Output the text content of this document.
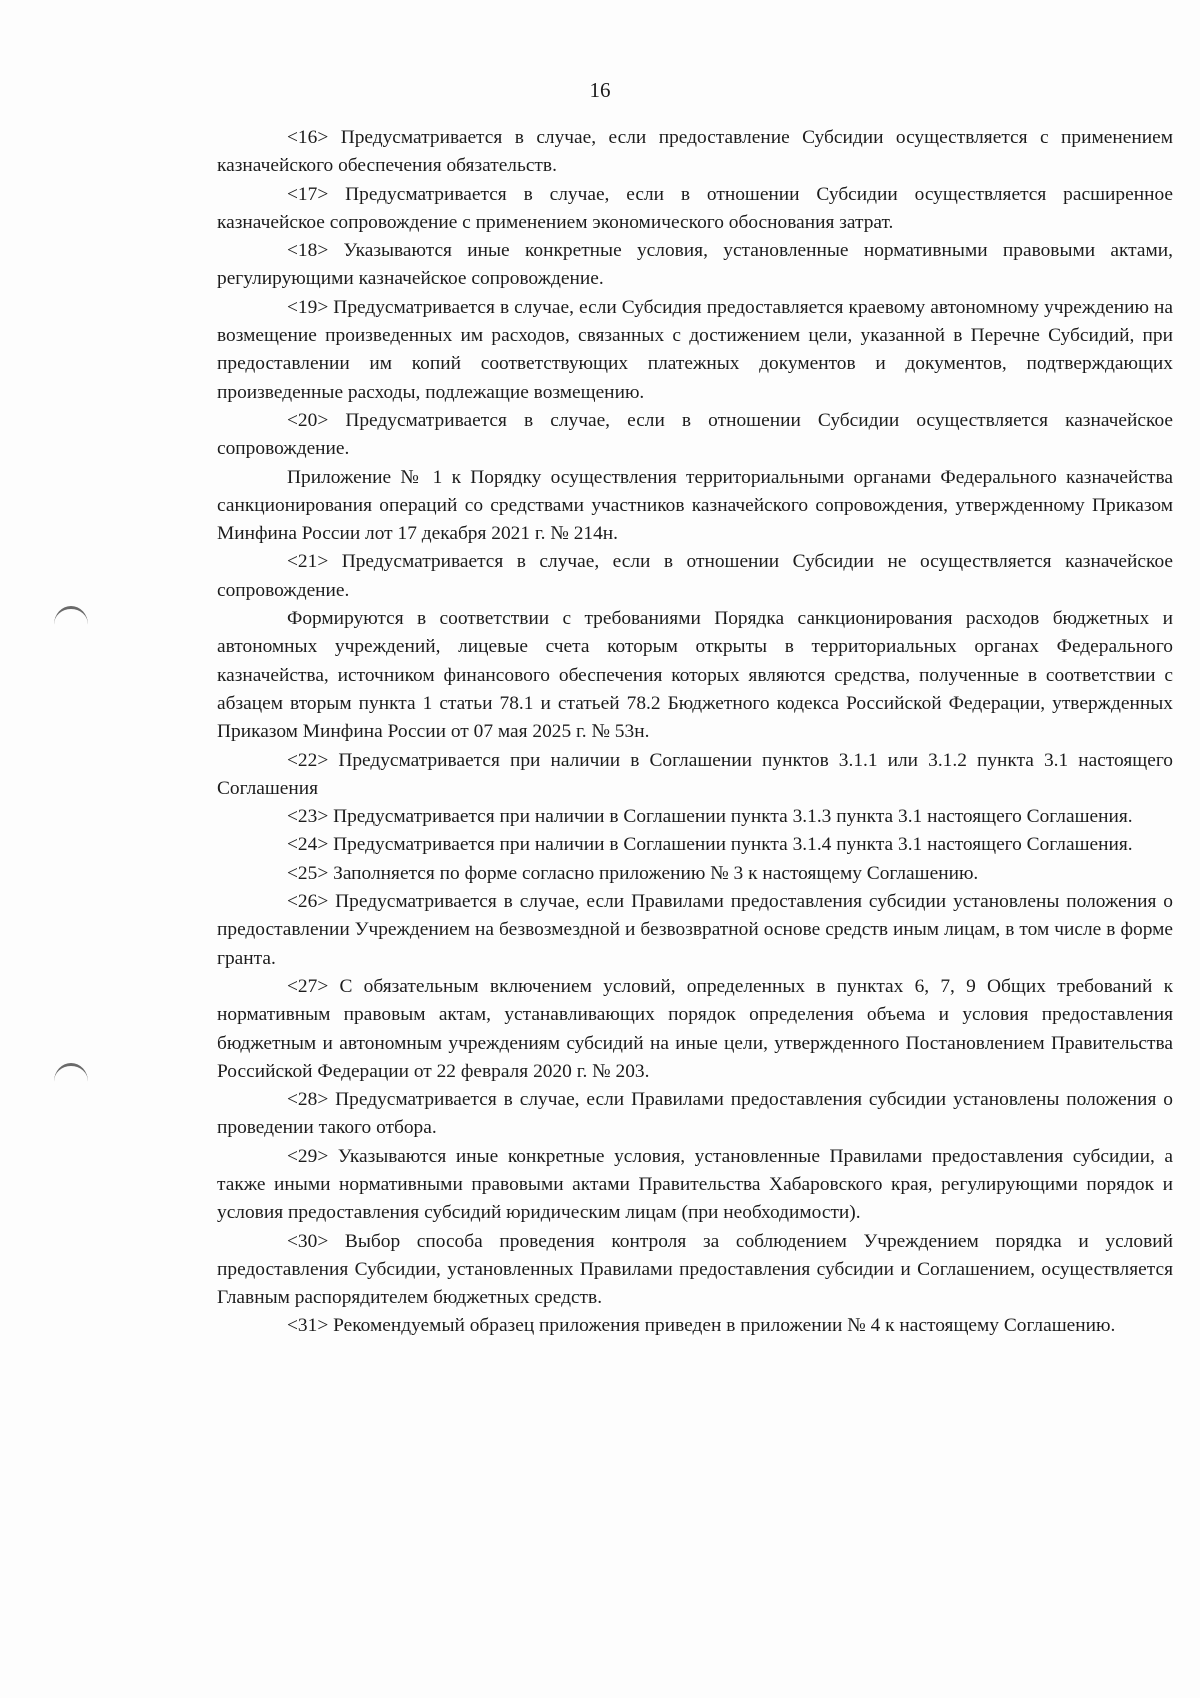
16

<16> Предусматривается в случае, если предоставление Субсидии осуществляется с применением казначейского обеспечения обязательств.

<17> Предусматривается в случае, если в отношении Субсидии осуществляется расширенное казначейское сопровождение с применением экономического обоснования затрат.

<18> Указываются иные конкретные условия, установленные нормативными правовыми актами, регулирующими казначейское сопровождение.

<19> Предусматривается в случае, если Субсидия предоставляется краевому автономному учреждению на возмещение произведенных им расходов, связанных с достижением цели, указанной в Перечне Субсидий, при предоставлении им копий соответствующих платежных документов и документов, подтверждающих произведенные расходы, подлежащие возмещению.

<20> Предусматривается в случае, если в отношении Субсидии осуществляется казначейское сопровождение.

Приложение № 1 к Порядку осуществления территориальными органами Федерального казначейства санкционирования операций со средствами участников казначейского сопровождения, утвержденному Приказом Минфина России лот 17 декабря 2021 г. № 214н.

<21> Предусматривается в случае, если в отношении Субсидии не осуществляется казначейское сопровождение.

Формируются в соответствии с требованиями Порядка санкционирования расходов бюджетных и автономных учреждений, лицевые счета которым открыты в территориальных органах Федерального казначейства, источником финансового обеспечения которых являются средства, полученные в соответствии с абзацем вторым пункта 1 статьи 78.1 и статьей 78.2 Бюджетного кодекса Российской Федерации, утвержденных Приказом Минфина России от 07 мая 2025 г. № 53н.

<22> Предусматривается при наличии в Соглашении пунктов 3.1.1 или 3.1.2 пункта 3.1 настоящего Соглашения

<23> Предусматривается при наличии в Соглашении пункта 3.1.3 пункта 3.1 настоящего Соглашения.

<24> Предусматривается при наличии в Соглашении пункта 3.1.4 пункта 3.1 настоящего Соглашения.

<25> Заполняется по форме согласно приложению № 3 к настоящему Соглашению.

<26> Предусматривается в случае, если Правилами предоставления субсидии установлены положения о предоставлении Учреждением на безвозмездной и безвозвратной основе средств иным лицам, в том числе в форме гранта.

<27> С обязательным включением условий, определенных в пунктах 6, 7, 9 Общих требований к нормативным правовым актам, устанавливающих порядок определения объема и условия предоставления бюджетным и автономным учреждениям субсидий на иные цели, утвержденного Постановлением Правительства Российской Федерации от 22 февраля 2020 г. № 203.

<28> Предусматривается в случае, если Правилами предоставления субсидии установлены положения о проведении такого отбора.

<29> Указываются иные конкретные условия, установленные Правилами предоставления субсидии, а также иными нормативными правовыми актами Правительства Хабаровского края, регулирующими порядок и условия предоставления субсидий юридическим лицам (при необходимости).

<30> Выбор способа проведения контроля за соблюдением Учреждением порядка и условий предоставления Субсидии, установленных Правилами предоставления субсидии и Соглашением, осуществляется Главным распорядителем бюджетных средств.

<31> Рекомендуемый образец приложения приведен в приложении № 4 к настоящему Соглашению.
